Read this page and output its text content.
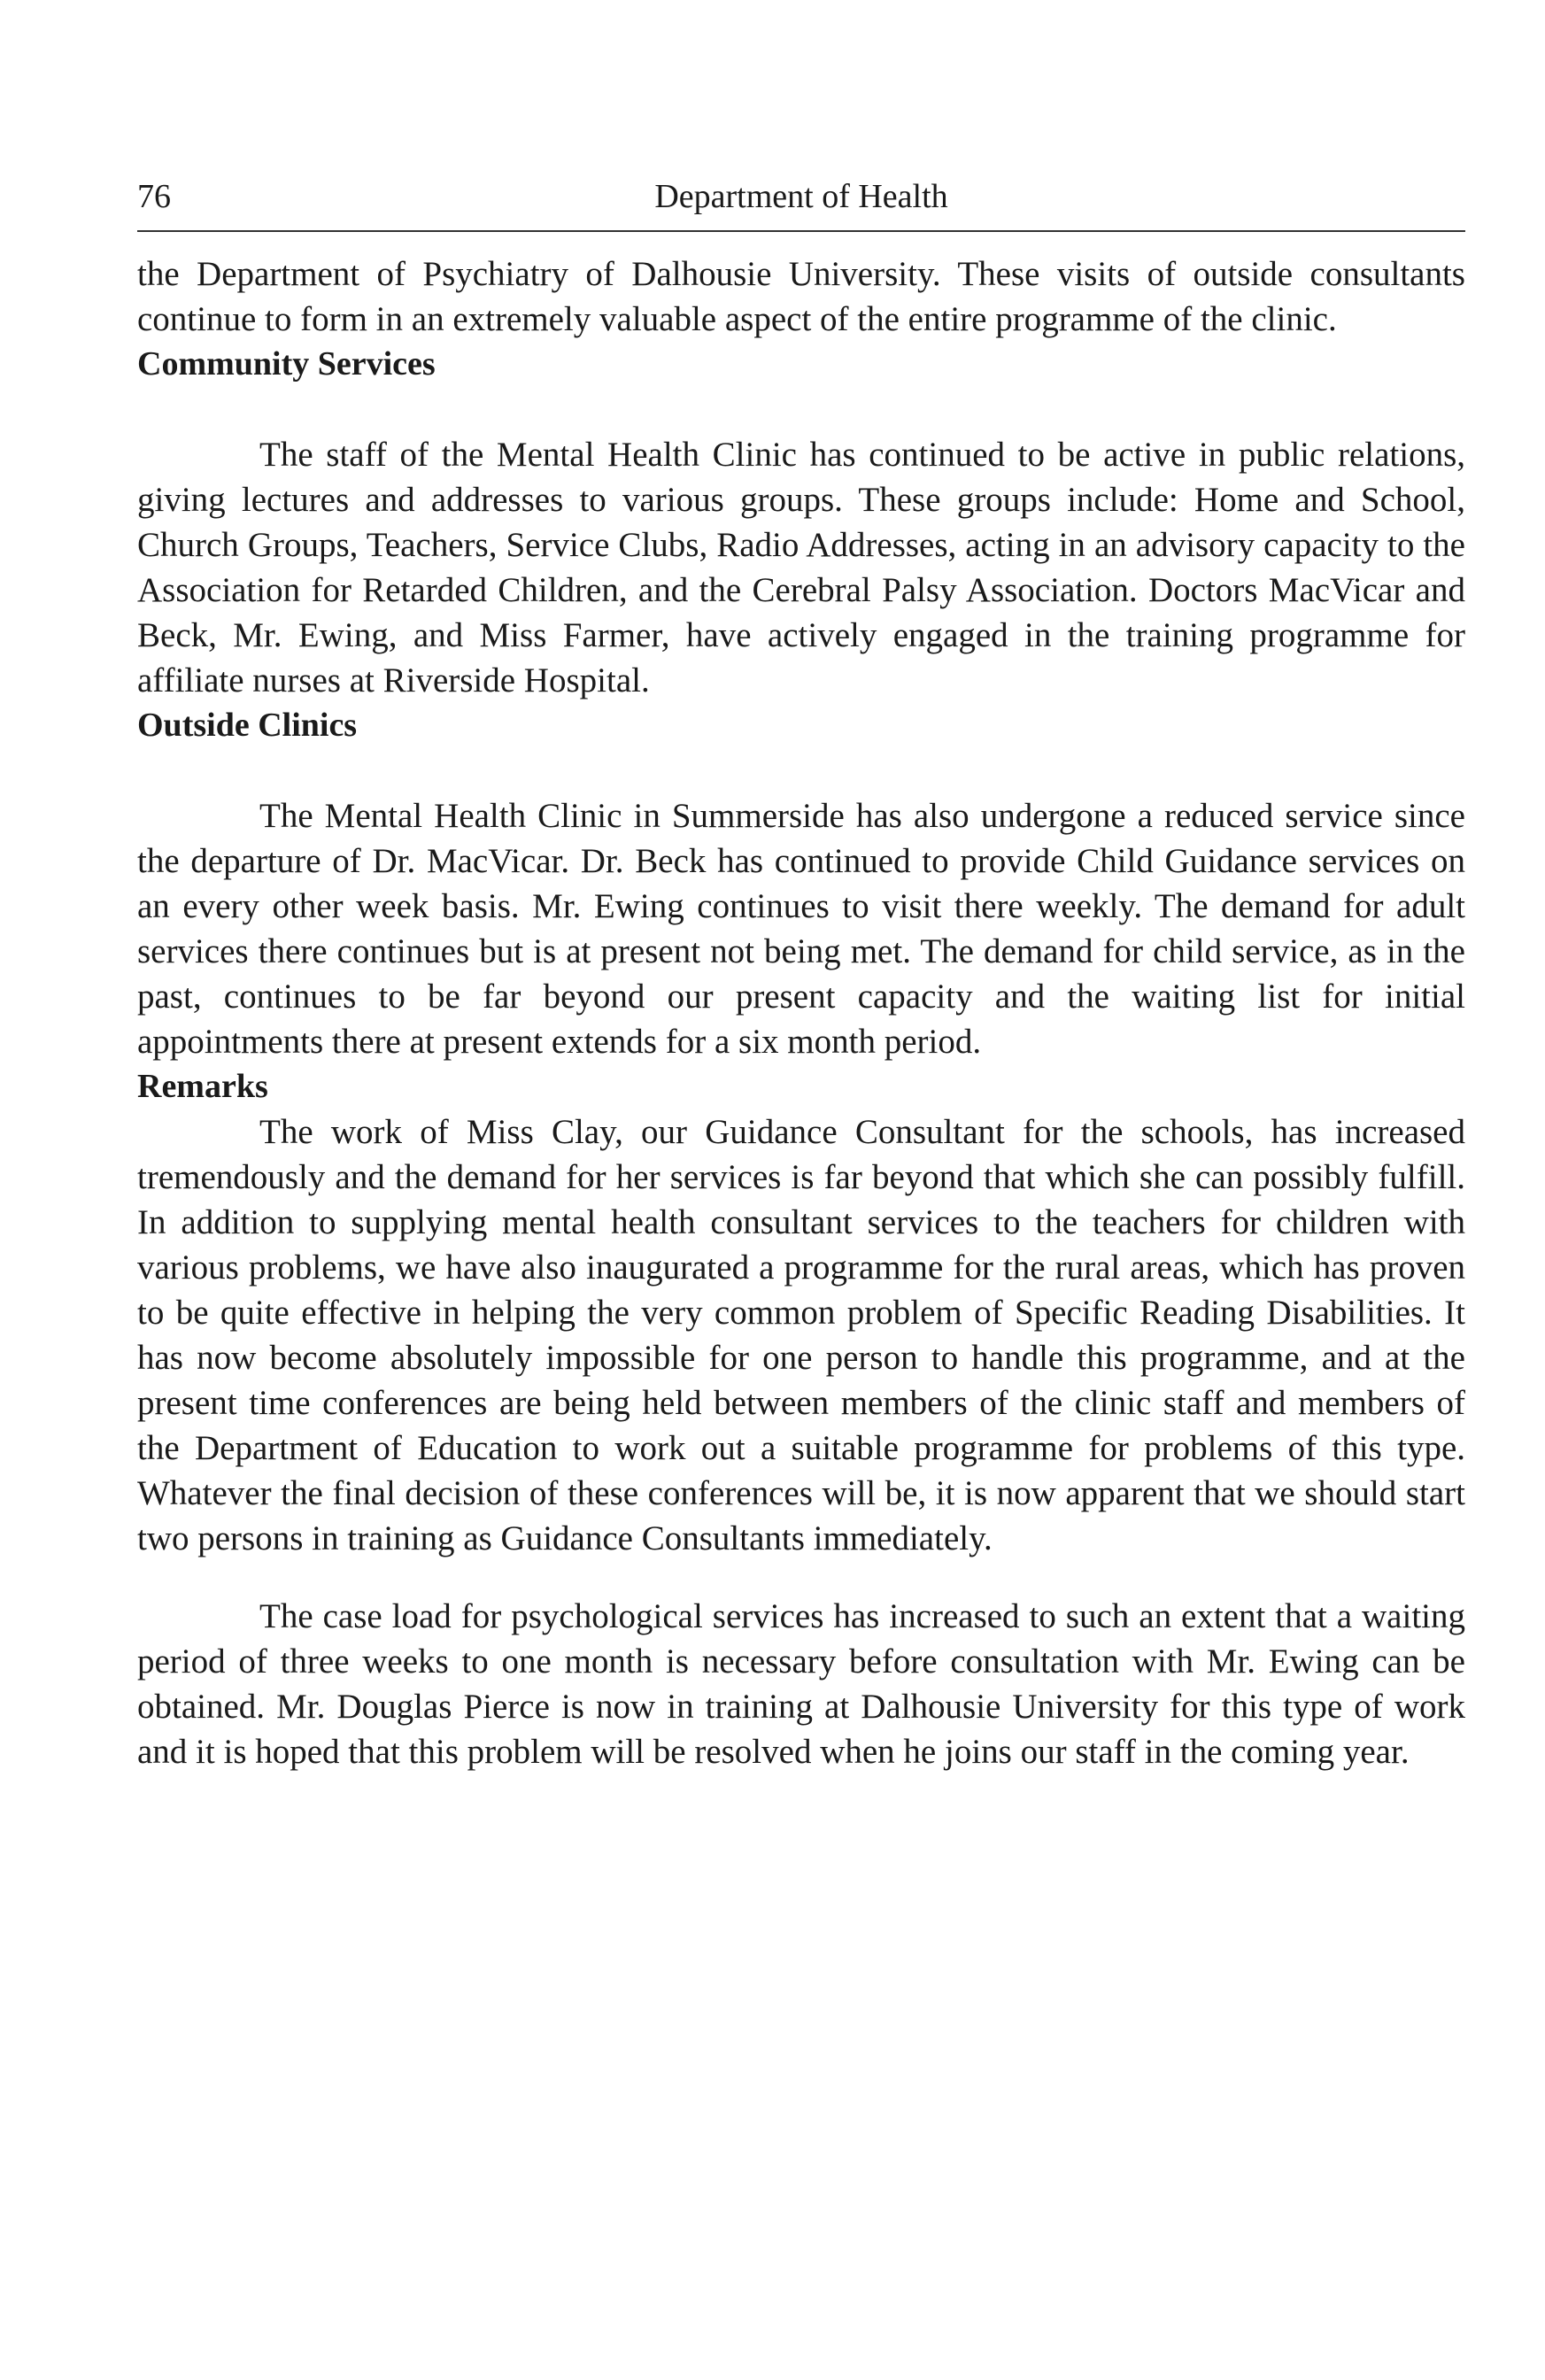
76	Department of Health

the Department of Psychiatry of Dalhousie University. These visits of outside consultants continue to form in an extremely valuable aspect of the entire programme of the clinic.

Community Services

The staff of the Mental Health Clinic has continued to be active in public relations, giving lectures and addresses to various groups. These groups include: Home and School, Church Groups, Teachers, Service Clubs, Radio Addresses, acting in an advisory capacity to the Association for Retarded Children, and the Cerebral Palsy Association. Doctors MacVicar and Beck, Mr. Ewing, and Miss Farmer, have actively engaged in the training programme for affiliate nurses at Riverside Hospital.

Outside Clinics

The Mental Health Clinic in Summerside has also undergone a reduced service since the departure of Dr. MacVicar. Dr. Beck has continued to provide Child Guidance services on an every other week basis. Mr. Ewing continues to visit there weekly. The demand for adult services there continues but is at present not being met. The demand for child service, as in the past, continues to be far beyond our present capacity and the waiting list for initial appointments there at present extends for a six month period.

Remarks

The work of Miss Clay, our Guidance Consultant for the schools, has increased tremendously and the demand for her services is far beyond that which she can possibly fulfill. In addition to supplying mental health consultant services to the teachers for children with various problems, we have also inaugurated a programme for the rural areas, which has proven to be quite effective in helping the very common problem of Specific Reading Disabilities. It has now become absolutely impossible for one person to handle this programme, and at the present time conferences are being held between members of the clinic staff and members of the Department of Education to work out a suitable programme for problems of this type. Whatever the final decision of these conferences will be, it is now apparent that we should start two persons in training as Guidance Consultants immediately.

The case load for psychological services has increased to such an extent that a waiting period of three weeks to one month is necessary before consultation with Mr. Ewing can be obtained. Mr. Douglas Pierce is now in training at Dalhousie University for this type of work and it is hoped that this problem will be resolved when he joins our staff in the coming year.
